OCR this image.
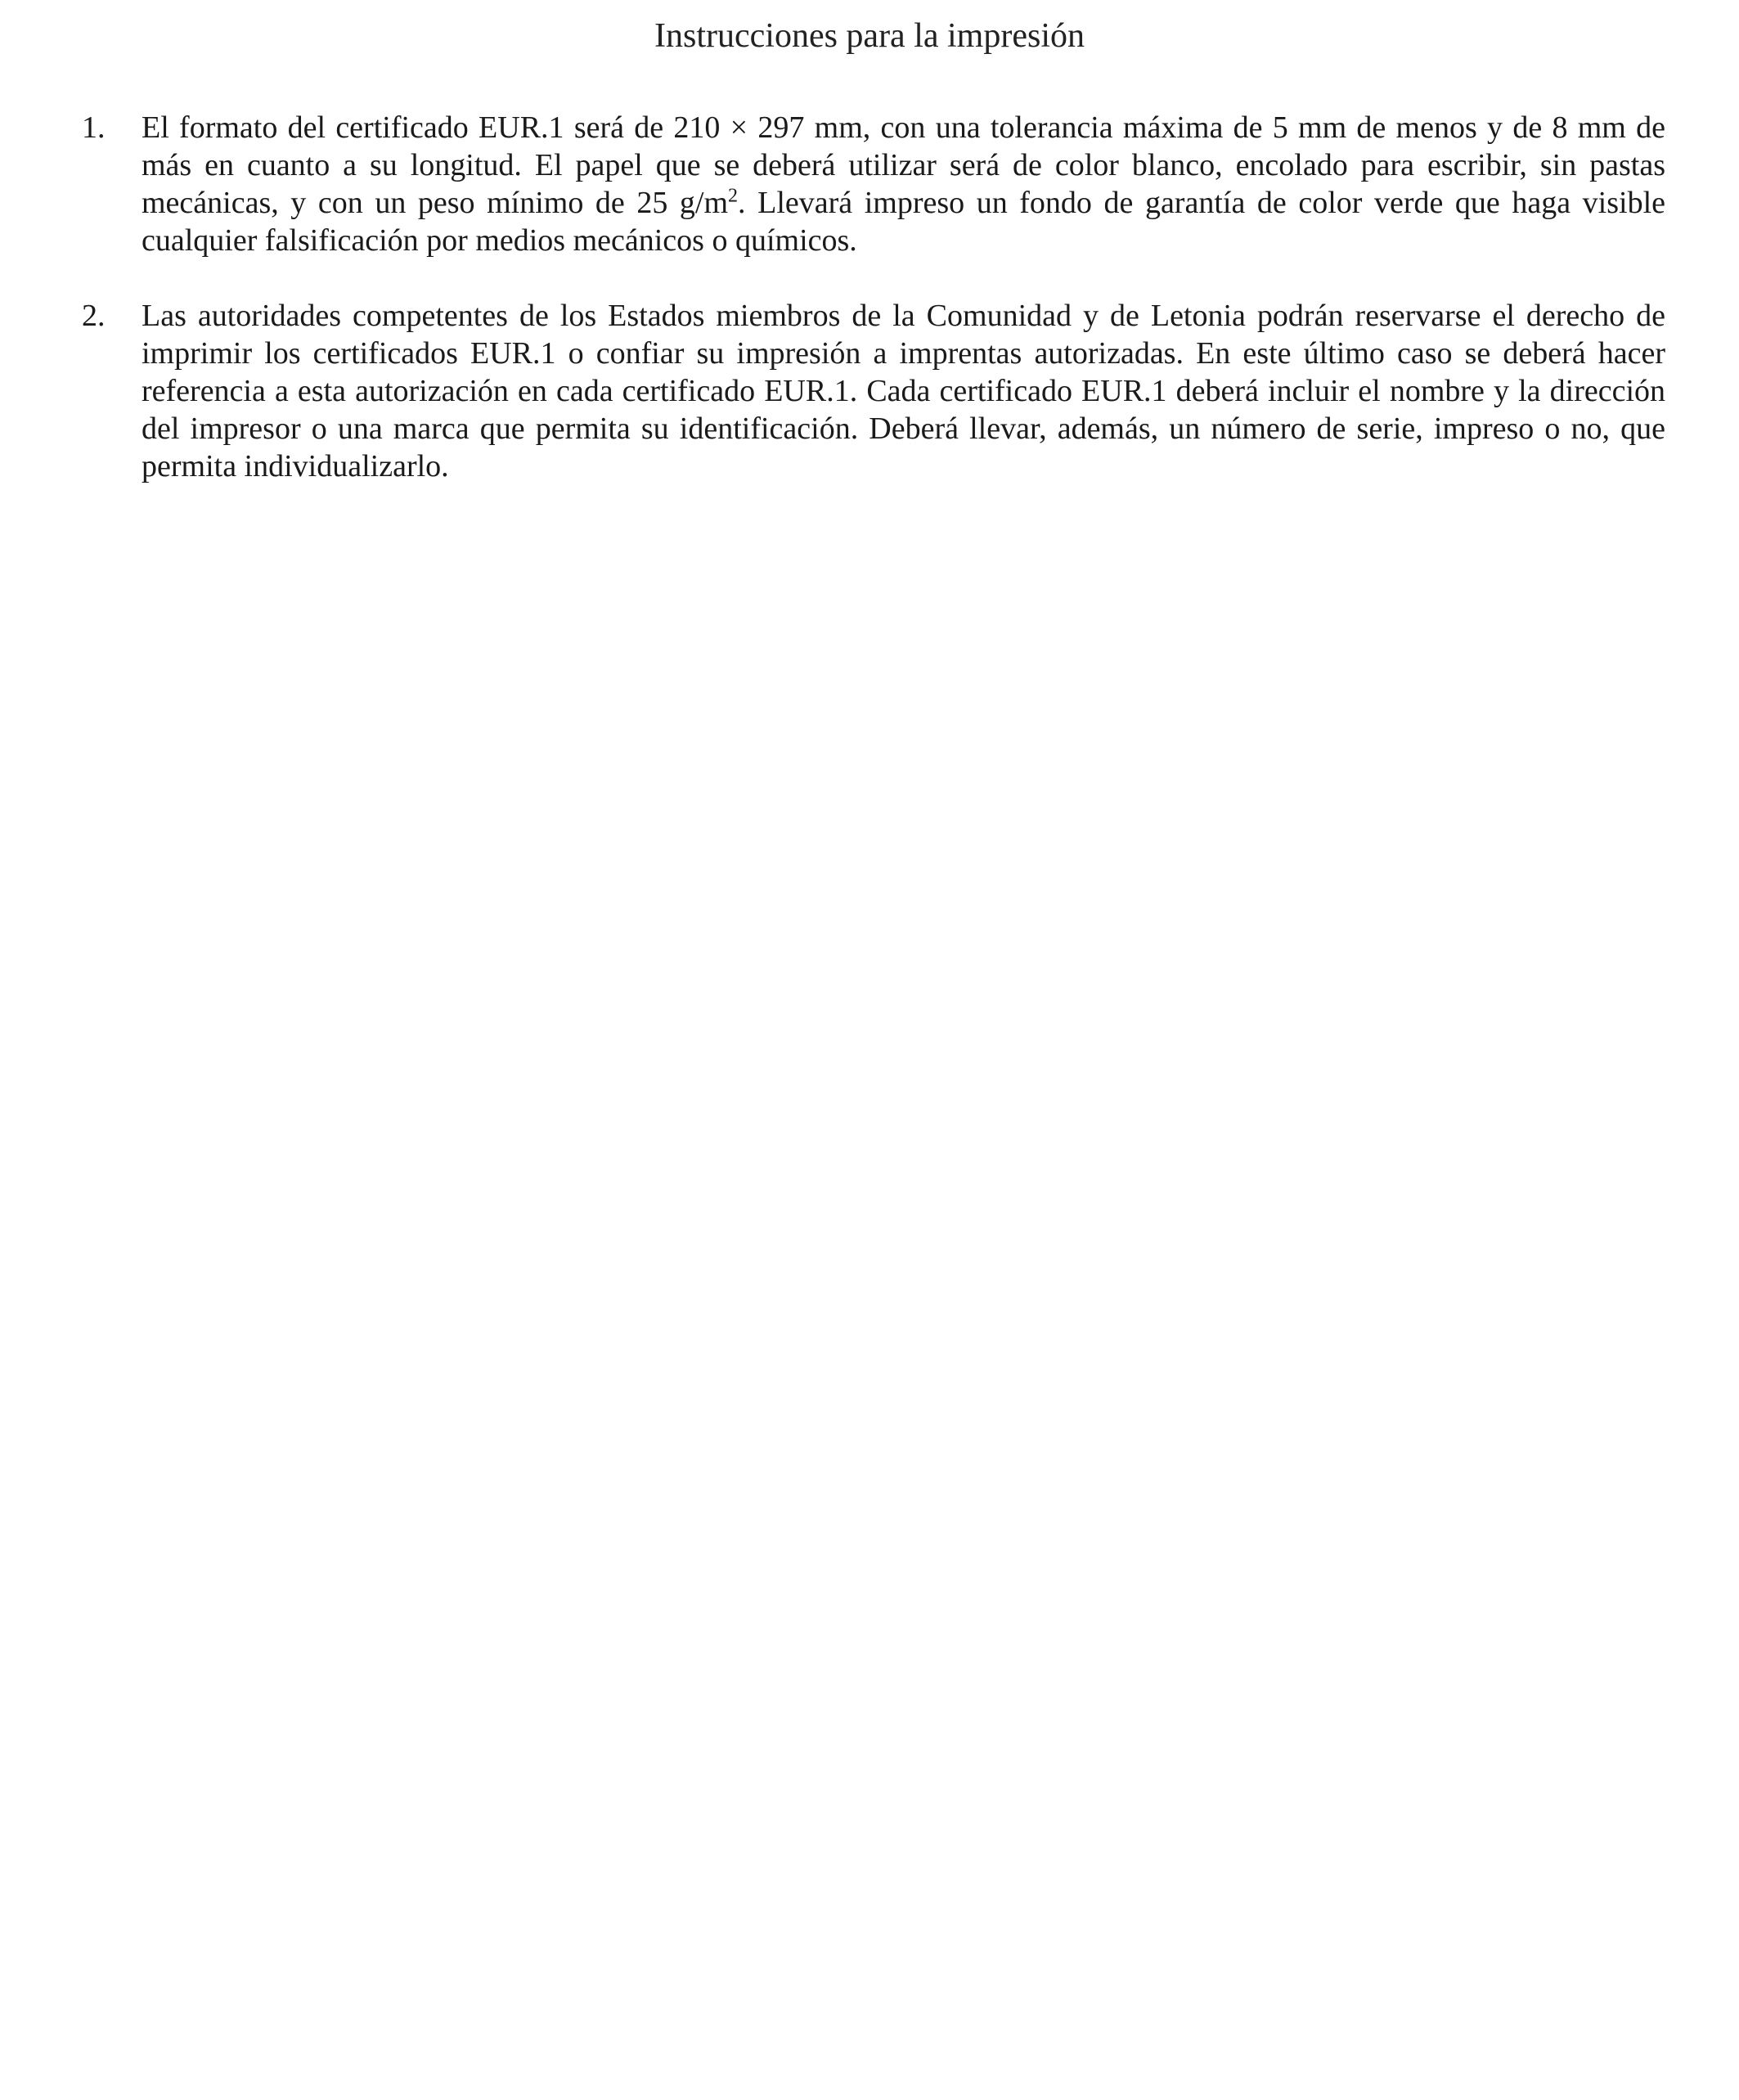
Instrucciones para la impresión
1.	El formato del certificado EUR.1 será de 210 × 297 mm, con una tolerancia máxima de 5 mm de menos y de 8 mm de más en cuanto a su longitud. El papel que se deberá utilizar será de color blanco, encolado para escribir, sin pastas mecánicas, y con un peso mínimo de 25 $g/m^2$. Llevará impreso un fondo de garantía de color verde que haga visible cualquier falsificación por medios mecánicos o químicos.
2.	Las autoridades competentes de los Estados miembros de la Comunidad y de Letonia podrán reservarse el derecho de imprimir los certificados EUR.1 o confiar su impresión a imprentas autorizadas. En este último caso se deberá hacer referencia a esta autorización en cada certificado EUR.1. Cada certificado EUR.1 deberá incluir el nombre y la dirección del impresor o una marca que permita su identificación. Deberá llevar, además, un número de serie, impreso o no, que permita individualizarlo.
